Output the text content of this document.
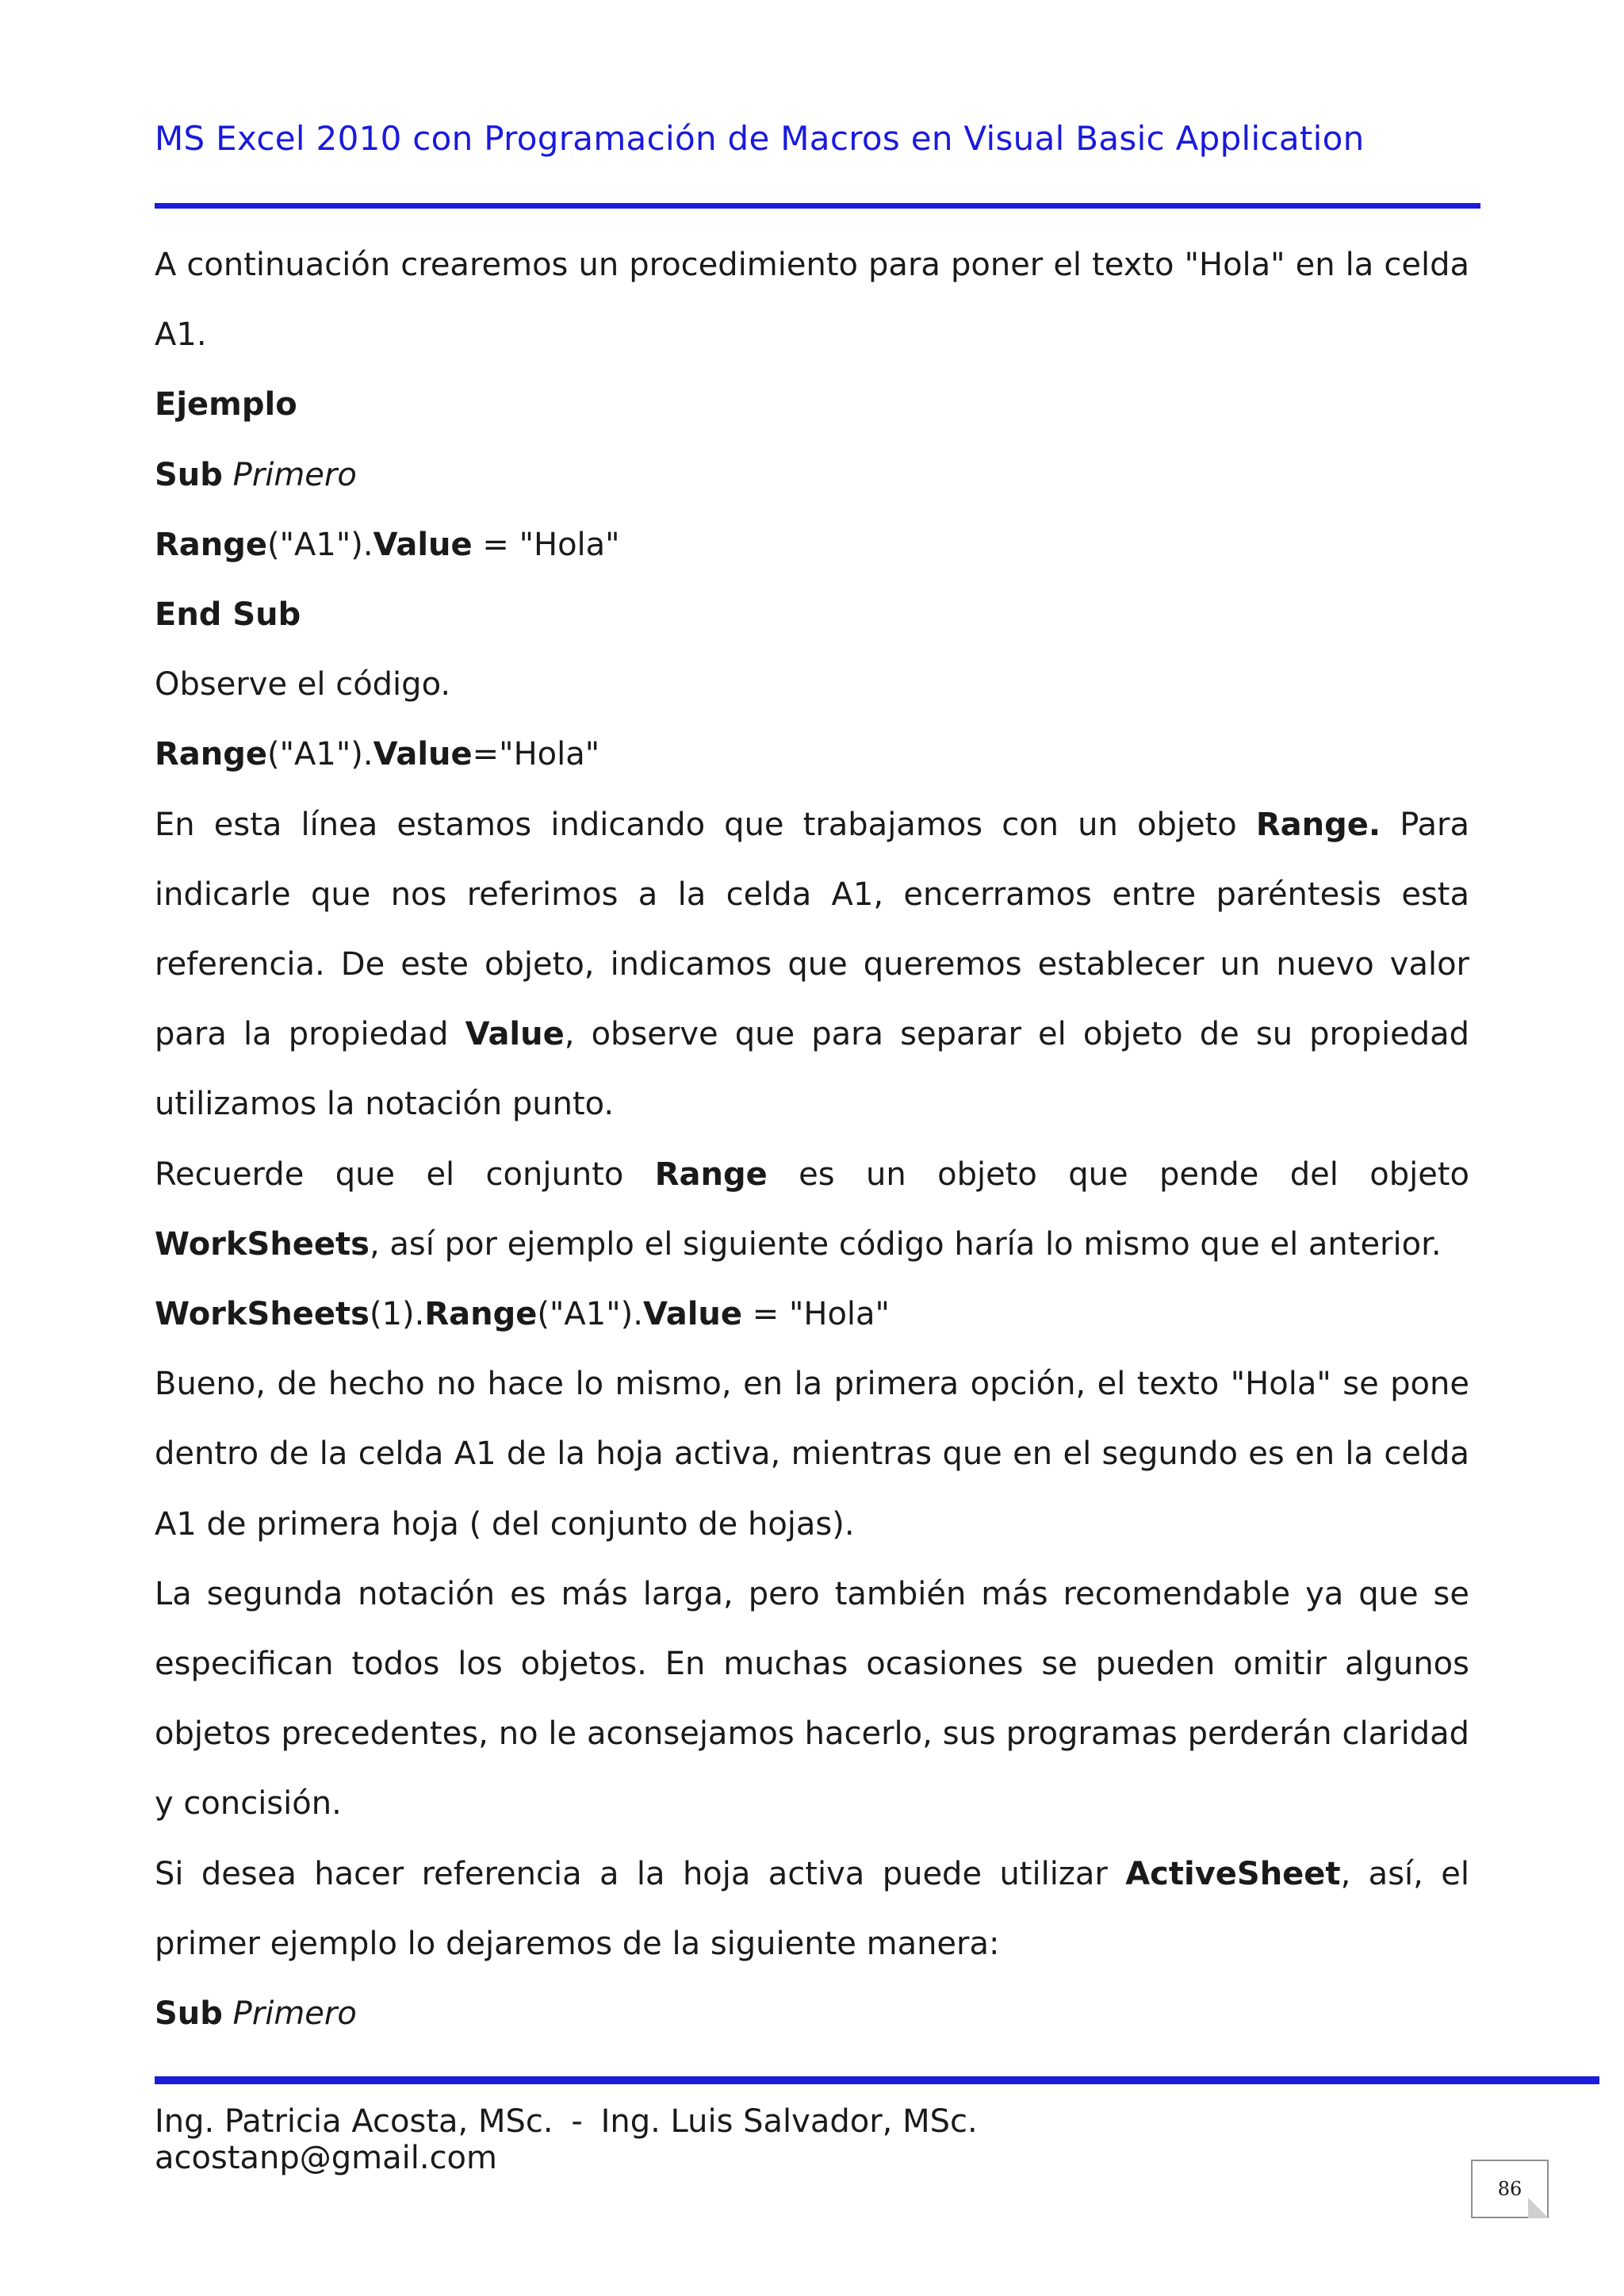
MS Excel 2010 con Programación de Macros en Visual Basic Application

A continuación crearemos un procedimiento para poner el texto "Hola" en la celda A1.

Ejemplo

Sub Primero

Range("A1").Value = "Hola"

End Sub

Observe el código.

Range("A1").Value="Hola"

En esta línea estamos indicando que trabajamos con un objeto Range. Para indicarle que nos referimos a la celda A1, encerramos entre paréntesis esta referencia. De este objeto, indicamos que queremos establecer un nuevo valor para la propiedad Value, observe que para separar el objeto de su propiedad utilizamos la notación punto.

Recuerde que el conjunto Range es un objeto que pende del objeto WorkSheets, así por ejemplo el siguiente código haría lo mismo que el anterior.

WorkSheets(1).Range("A1").Value = "Hola"

Bueno, de hecho no hace lo mismo, en la primera opción, el texto "Hola" se pone dentro de la celda A1 de la hoja activa, mientras que en el segundo es en la celda A1 de primera hoja ( del conjunto de hojas).

La segunda notación es más larga, pero también más recomendable ya que se especifican todos los objetos. En muchas ocasiones se pueden omitir algunos objetos precedentes, no le aconsejamos hacerlo, sus programas perderán claridad y concisión.

Si desea hacer referencia a la hoja activa puede utilizar ActiveSheet, así, el primer ejemplo lo dejaremos de la siguiente manera:

Sub Primero

Ing. Patricia Acosta, MSc. - Ing. Luis Salvador, MSc.
acostanp@gmail.com
86
